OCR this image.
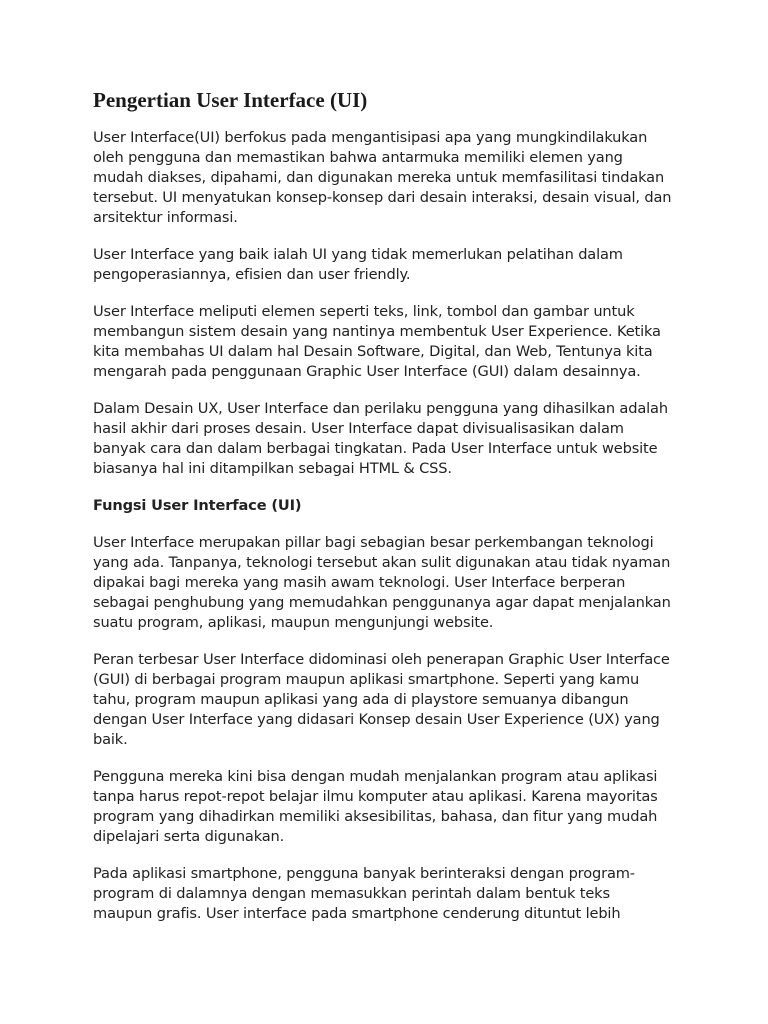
Pengertian User Interface (UI)

User Interface(UI) berfokus pada mengantisipasi apa yang mungkindilakukan
oleh pengguna dan memastikan bahwa antarmuka memiliki elemen yang
mudah diakses, dipahami, dan digunakan mereka untuk memfasilitasi tindakan
tersebut. UI menyatukan konsep-konsep dari desain interaksi, desain visual, dan
arsitektur informasi.

User Interface yang baik ialah UI yang tidak memerlukan pelatihan dalam
pengoperasiannya, efisien dan user friendly.

User Interface meliputi elemen seperti teks, link, tombol dan gambar untuk
membangun sistem desain yang nantinya membentuk User Experience. Ketika
kita membahas UI dalam hal Desain Software, Digital, dan Web, Tentunya kita
mengarah pada penggunaan Graphic User Interface (GUI) dalam desainnya.

Dalam Desain UX, User Interface dan perilaku pengguna yang dihasilkan adalah
hasil akhir dari proses desain. User Interface dapat divisualisasikan dalam
banyak cara dan dalam berbagai tingkatan. Pada User Interface untuk website
biasanya hal ini ditampilkan sebagai HTML & CSS.

Fungsi User Interface (UI)

User Interface merupakan pillar bagi sebagian besar perkembangan teknologi
yang ada. Tanpanya, teknologi tersebut akan sulit digunakan atau tidak nyaman
dipakai bagi mereka yang masih awam teknologi. User Interface berperan
sebagai penghubung yang memudahkan penggunanya agar dapat menjalankan
suatu program, aplikasi, maupun mengunjungi website.

Peran terbesar User Interface didominasi oleh penerapan Graphic User Interface
(GUI) di berbagai program maupun aplikasi smartphone. Seperti yang kamu
tahu, program maupun aplikasi yang ada di playstore semuanya dibangun
dengan User Interface yang didasari Konsep desain User Experience (UX) yang
baik.

Pengguna mereka kini bisa dengan mudah menjalankan program atau aplikasi
tanpa harus repot-repot belajar ilmu komputer atau aplikasi. Karena mayoritas
program yang dihadirkan memiliki aksesibilitas, bahasa, dan fitur yang mudah
dipelajari serta digunakan.

Pada aplikasi smartphone, pengguna banyak berinteraksi dengan program-
program di dalamnya dengan memasukkan perintah dalam bentuk teks
maupun grafis. User interface pada smartphone cenderung dituntut lebih
